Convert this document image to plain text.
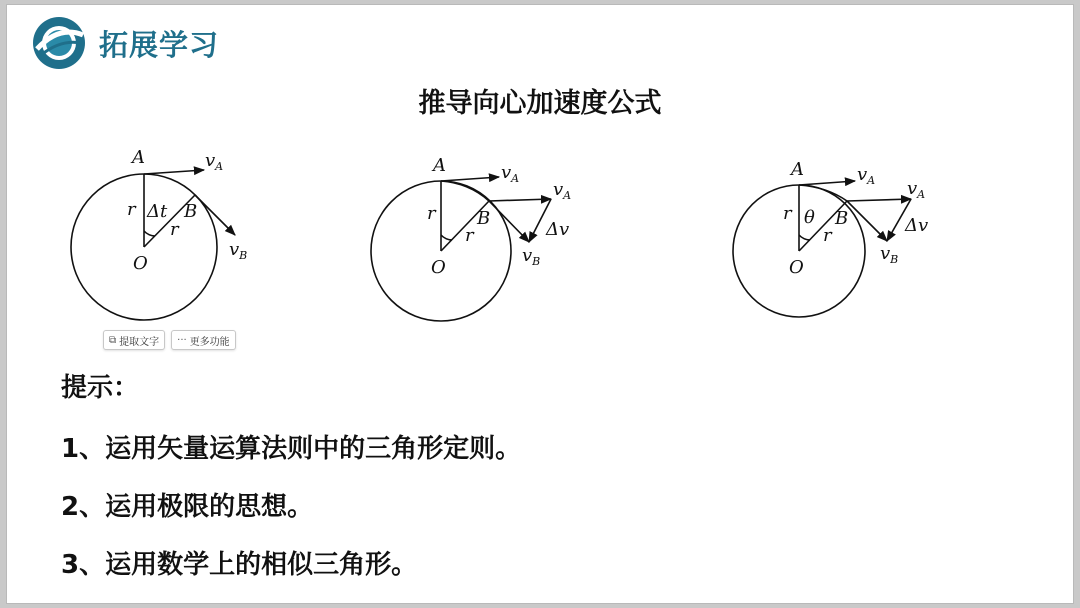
拓展学习
推导向心加速度公式
A
O
B
r
r
Δt
$v_A$
$v_B$
A
O
B
r
r
$v_A$
$v_A$
$v_B$
Δv
A
O
B
r
r
θ
$v_A$ $v_A$
$v_B$
Δv
⧉ 提取文字 ··· 更多功能
提示：
1、运用矢量运算法则中的三角形定则。
2、运用极限的思想。
3、运用数学上的相似三角形。
